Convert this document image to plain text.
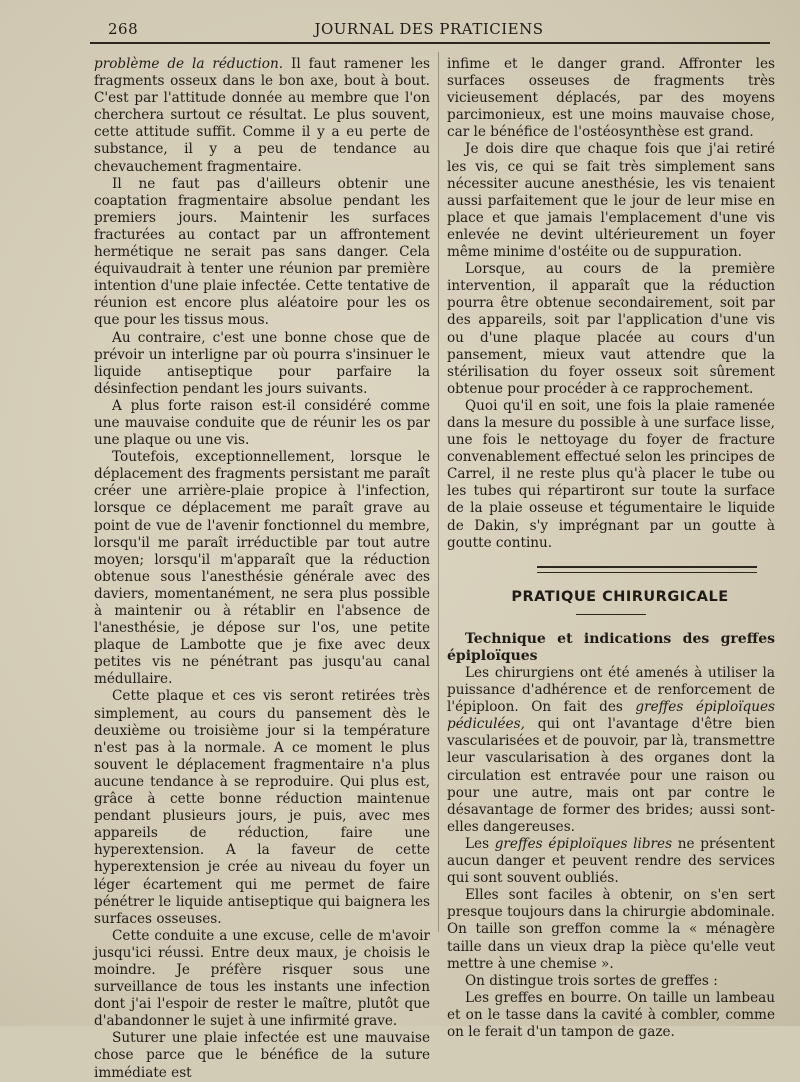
268	JOURNAL DES PRATICIENS

problème de la réduction. Il faut ramener les fragments osseux dans le bon axe, bout à bout. C'est par l'attitude donnée au membre que l'on cherchera surtout ce résultat. Le plus souvent, cette attitude suffit. Comme il y a eu perte de substance, il y a peu de tendance au chevauchement fragmentaire.

Il ne faut pas d'ailleurs obtenir une coaptation fragmentaire absolue pendant les premiers jours. Maintenir les surfaces fracturées au contact par un affrontement hermétique ne serait pas sans danger. Cela équivaudrait à tenter une réunion par première intention d'une plaie infectée. Cette tentative de réunion est encore plus aléatoire pour les os que pour les tissus mous.

Au contraire, c'est une bonne chose que de prévoir un interligne par où pourra s'insinuer le liquide antiseptique pour parfaire la désinfection pendant les jours suivants.

A plus forte raison est-il considéré comme une mauvaise conduite que de réunir les os par une plaque ou une vis.

Toutefois, exceptionnellement, lorsque le déplacement des fragments persistant me paraît créer une arrière-plaie propice à l'infection, lorsque ce déplacement me paraît grave au point de vue de l'avenir fonctionnel du membre, lorsqu'il me paraît irréductible par tout autre moyen; lorsqu'il m'apparaît que la réduction obtenue sous l'anesthésie générale avec des daviers, momentanément, ne sera plus possible à maintenir ou à rétablir en l'absence de l'anesthésie, je dépose sur l'os, une petite plaque de Lambotte que je fixe avec deux petites vis ne pénétrant pas jusqu'au canal médullaire.

Cette plaque et ces vis seront retirées très simplement, au cours du pansement dès le deuxième ou troisième jour si la température n'est pas à la normale. A ce moment le plus souvent le déplacement fragmentaire n'a plus aucune tendance à se reproduire. Qui plus est, grâce à cette bonne réduction maintenue pendant plusieurs jours, je puis, avec mes appareils de réduction, faire une hyperextension. A la faveur de cette hyperextension je crée au niveau du foyer un léger écartement qui me permet de faire pénétrer le liquide antiseptique qui baignera les surfaces osseuses.

Cette conduite a une excuse, celle de m'avoir jusqu'ici réussi. Entre deux maux, je choisis le moindre. Je préfère risquer sous une surveillance de tous les instants une infection dont j'ai l'espoir de rester le maître, plutôt que d'abandonner le sujet à une infirmité grave.

Suturer une plaie infectée est une mauvaise chose parce que le bénéfice de la suture immédiate est

infime et le danger grand. Affronter les surfaces osseuses de fragments très vicieusement déplacés, par des moyens parcimonieux, est une moins mauvaise chose, car le bénéfice de l'ostéosynthèse est grand.

Je dois dire que chaque fois que j'ai retiré les vis, ce qui se fait très simplement sans nécessiter aucune anesthésie, les vis tenaient aussi parfaitement que le jour de leur mise en place et que jamais l'emplacement d'une vis enlevée ne devint ultérieurement un foyer même minime d'ostéite ou de suppuration.

Lorsque, au cours de la première intervention, il apparaît que la réduction pourra être obtenue secondairement, soit par des appareils, soit par l'application d'une vis ou d'une plaque placée au cours d'un pansement, mieux vaut attendre que la stérilisation du foyer osseux soit sûrement obtenue pour procéder à ce rapprochement.

Quoi qu'il en soit, une fois la plaie ramenée dans la mesure du possible à une surface lisse, une fois le nettoyage du foyer de fracture convenablement effectué selon les principes de Carrel, il ne reste plus qu'à placer le tube ou les tubes qui répartiront sur toute la surface de la plaie osseuse et tégumentaire le liquide de Dakin, s'y imprégnant par un goutte à goutte continu.

PRATIQUE CHIRURGICALE

Technique et indications des greffes épiploïques

Les chirurgiens ont été amenés à utiliser la puissance d'adhérence et de renforcement de l'épiploon. On fait des greffes épiploïques pédiculées, qui ont l'avantage d'être bien vascularisées et de pouvoir, par là, transmettre leur vascularisation à des organes dont la circulation est entravée pour une raison ou pour une autre, mais ont par contre le désavantage de former des brides; aussi sont-elles dangereuses.

Les greffes épiploïques libres ne présentent aucun danger et peuvent rendre des services qui sont souvent oubliés.

Elles sont faciles à obtenir, on s'en sert presque toujours dans la chirurgie abdominale. On taille son greffon comme la « ménagère taille dans un vieux drap la pièce qu'elle veut mettre à une chemise ».

On distingue trois sortes de greffes :

Les greffes en bourre. On taille un lambeau et on le tasse dans la cavité à combler, comme on le ferait d'un tampon de gaze.
